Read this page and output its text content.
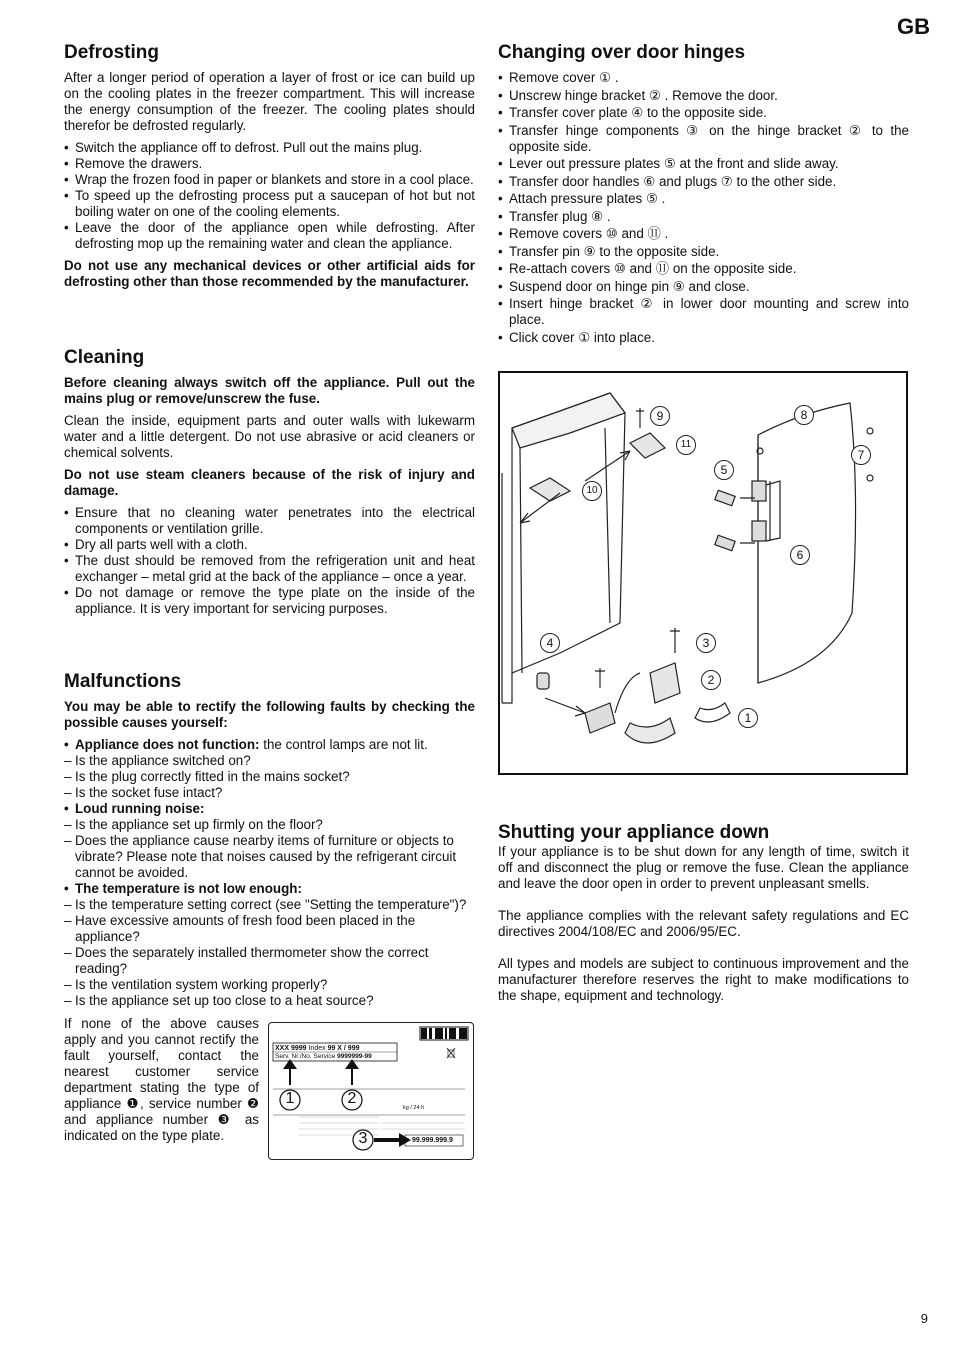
GB
Defrosting

After a longer period of operation a layer of frost or ice can build up on the cooling plates in the freezer compartment. This will increase the energy consumption of the freezer. The cooling plates should therefor be defrosted regularly.

• Switch the appliance off to defrost. Pull out the mains plug.
• Remove the drawers.
• Wrap the frozen food in paper or blankets and store in a cool place.
• To speed up the defrosting process put a saucepan of hot but not boiling water on one of the cooling elements.
• Leave the door of the appliance open while defrosting. After defrosting mop up the remaining water and clean the appliance.

Do not use any mechanical devices or other artificial aids for defrosting other than those recommended by the manufacturer.

Cleaning

Before cleaning always switch off the appliance. Pull out the mains plug or remove/unscrew the fuse.

Clean the inside, equipment parts and outer walls with lukewarm water and a little detergent. Do not use abrasive or acid cleaners or chemical solvents.

Do not use steam cleaners because of the risk of injury and damage.

• Ensure that no cleaning water penetrates into the electrical components or ventilation grille.
• Dry all parts well with a cloth.
• The dust should be removed from the refrigeration unit and heat exchanger – metal grid at the back of the appliance – once a year.
• Do not damage or remove the type plate on the inside of the appliance. It is very important for servicing purposes.
Malfunctions

You may be able to rectify the following faults by checking the possible causes yourself:

• Appliance does not function: the control lamps are not lit.
– Is the appliance switched on?
– Is the plug correctly fitted in the mains socket?
– Is the socket fuse intact?
• Loud running noise:
– Is the appliance set up firmly on the floor?
– Does the appliance cause nearby items of furniture or objects to vibrate? Please note that noises caused by the refrigerant circuit cannot be avoided.
• The temperature is not low enough:
– Is the temperature setting correct (see "Setting the temperature")?
– Have excessive amounts of fresh food been placed in the appliance?
– Does the separately installed thermometer show the correct reading?
– Is the ventilation system working properly?
– Is the appliance set up too close to a heat source?
If none of the above causes apply and you cannot rectify the fault yourself, contact the nearest customer service department stating the type of appliance ❶, service number ❷ and appliance number ❸ as indicated on the type plate.
XXX 9999 Index 99 X / 999
Serv. Nr./No. Service 9999999-99
kg / 24 h
99.999.999.9
1	2
3
Changing over door hinges
• Remove cover ① .
• Unscrew hinge bracket ② . Remove the door.
• Transfer cover plate ④ to the opposite side.
• Transfer hinge components ③ on the hinge bracket ② to the opposite side.
• Lever out pressure plates ⑤ at the front and slide away.
• Transfer door handles ⑥ and plugs ⑦ to the other side.
• Attach pressure plates ⑤ .
• Transfer plug ⑧ .
• Remove covers ⑩ and ⑪ .
• Transfer pin ⑨ to the opposite side.
• Re-attach covers ⑩ and ⑪ on the opposite side.
• Suspend door on hinge pin ⑨ and close.
• Insert hinge bracket ② in lower door mounting and screw into place.
• Click cover ① into place.
9
11
10
8
7
5
6
4	3
2
1
Shutting your appliance down

If your appliance is to be shut down for any length of time, switch it off and disconnect the plug or remove the fuse. Clean the appliance and leave the door open in order to prevent unpleasant smells.

The appliance complies with the relevant safety regulations and EC directives 2004/108/EC and 2006/95/EC.

All types and models are subject to continuous improvement and the manufacturer therefore reserves the right to make modifications to the shape, equipment and technology.

9
